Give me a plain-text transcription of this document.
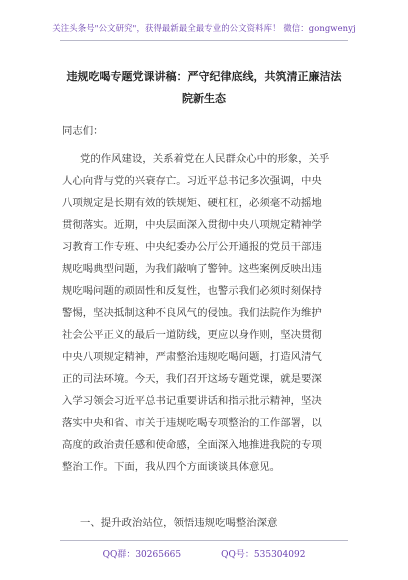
关注头条号"公文研究"，获得最新最全最专业的公文资料库！ 微信：gongwenyj
违规吃喝专题党课讲稿：严守纪律底线，共筑清正廉洁法
院新生态
同志们：
党的作风建设，关系着党在人民群众心中的形象，关乎
人心向背与党的兴衰存亡。习近平总书记多次强调，中央
八项规定是长期有效的铁规矩、硬杠杠，必须毫不动摇地
贯彻落实。近期，中央层面深入贯彻中央八项规定精神学
习教育工作专班、中央纪委办公厅公开通报的党员干部违
规吃喝典型问题，为我们敲响了警钟。这些案例反映出违
规吃喝问题的顽固性和反复性，也警示我们必须时刻保持
警惕，坚决抵制这种不良风气的侵蚀。我们法院作为维护
社会公平正义的最后一道防线，更应以身作则，坚决贯彻
中央八项规定精神，严肃整治违规吃喝问题，打造风清气
正的司法环境。今天，我们召开这场专题党课，就是要深
入学习领会习近平总书记重要讲话和指示批示精神，坚决
落实中央和省、市关于违规吃喝专项整治的工作部署，以
高度的政治责任感和使命感，全面深入地推进我院的专项
整治工作。下面，我从四个方面谈谈具体意见。
一、提升政治站位，领悟违规吃喝整治深意
QQ群：30265665	QQ号：535304092
